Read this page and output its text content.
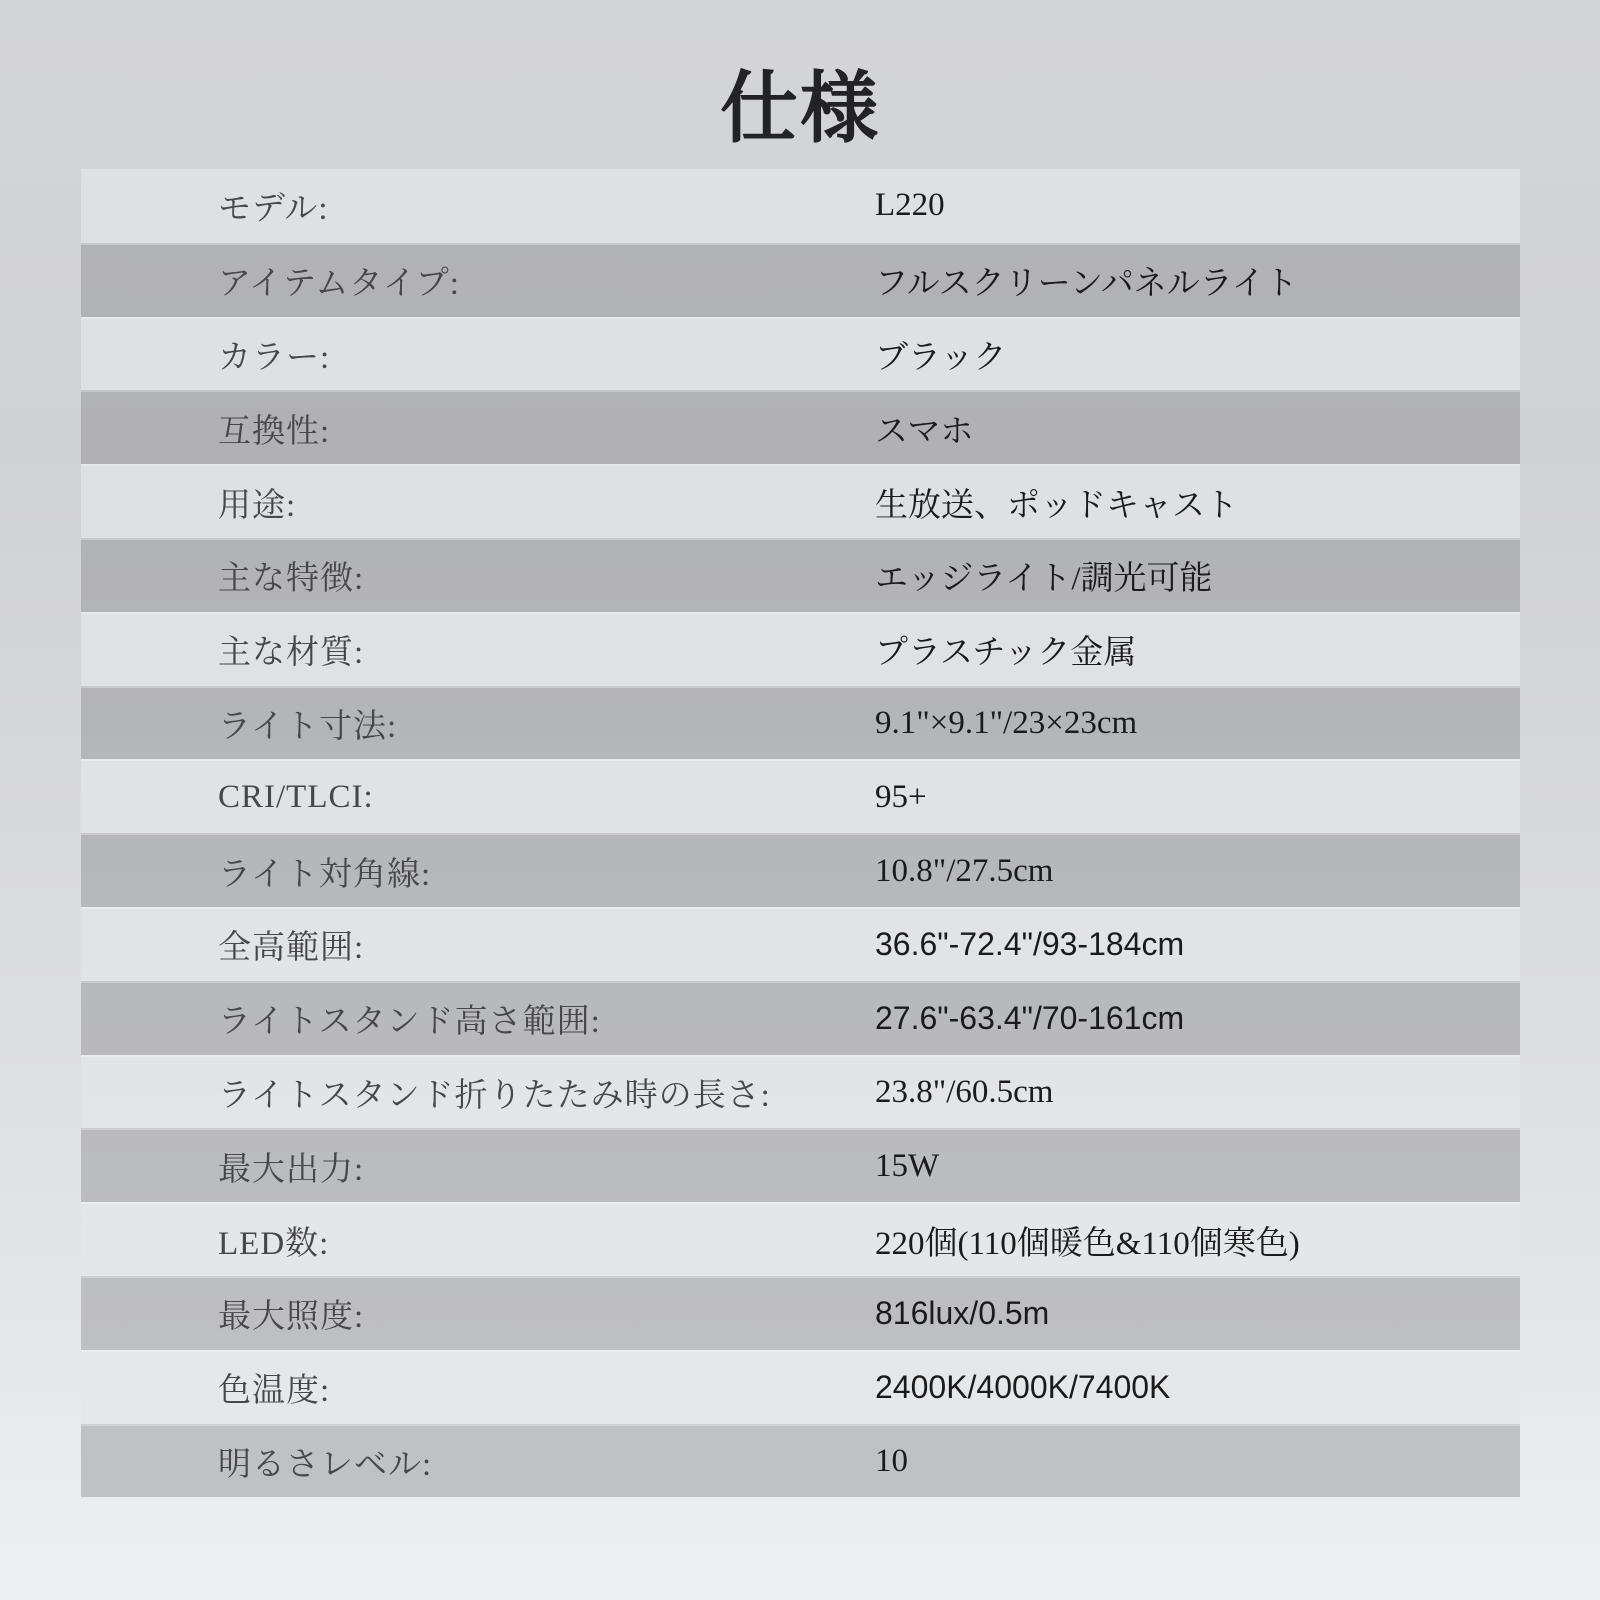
仕様
モデル:	L220
アイテムタイプ:	フルスクリーンパネルライト
カラー:	ブラック
互換性:	スマホ
用途:	生放送、ポッドキャスト
主な特徴:	エッジライト/調光可能
主な材質:	プラスチック金属
ライト寸法:	9.1"×9.1"/23×23cm
CRI/TLCI:	95+
ライト対角線:	10.8"/27.5cm
全高範囲:	36.6"-72.4"/93-184cm
ライトスタンド高さ範囲:	27.6"-63.4"/70-161cm
ライトスタンド折りたたみ時の長さ:	23.8"/60.5cm
最大出力:	15W
LED数:	220個(110個暖色&110個寒色)
最大照度:	816lux/0.5m
色温度:	2400K/4000K/7400K
明るさレベル:	10
